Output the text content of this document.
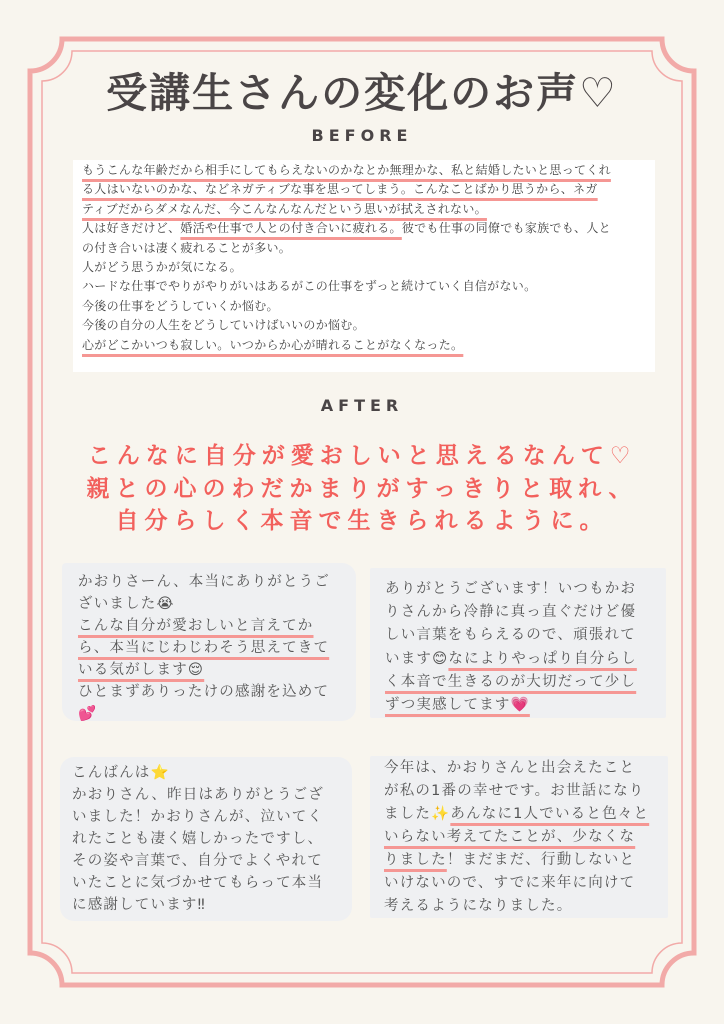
受講生さんの変化のお声♡
BEFORE
もうこんな年齢だから相手にしてもらえないのかなとか無理かな、私と結婚したいと思ってくれ
る人はいないのかな、などネガティブな事を思ってしまう。こんなことばかり思うから、ネガ
ティブだからダメなんだ、今こんなんなんだという思いが拭えされない。
人は好きだけど、婚活や仕事で人との付き合いに疲れる。彼でも仕事の同僚でも家族でも、人と
の付き合いは凄く疲れることが多い。
人がどう思うかが気になる。
ハードな仕事でやりがやりがいはあるがこの仕事をずっと続けていく自信がない。
今後の仕事をどうしていくか悩む。
今後の自分の人生をどうしていけばいいのか悩む。
心がどこかいつも寂しい。いつからか心が晴れることがなくなった。
AFTER
こんなに自分が愛おしいと思えるなんて♡
親との心のわだかまりがすっきりと取れ、
自分らしく本音で生きられるように。
かおりさーん、本当にありがとうご
ざいました😭
こんな自分が愛おしいと言えてか
ら、本当にじわじわそう思えてきて
いる気がします😌
ひとまずありったけの感謝を込めて
💕
ありがとうございます！いつもかお
りさんから冷静に真っ直ぐだけど優
しい言葉をもらえるので、頑張れて
います😊なによりやっぱり自分らし
く本音で生きるのが大切だって少し
ずつ実感してます💗
こんばんは⭐
かおりさん、昨日はありがとうござ
いました！かおりさんが、泣いてく
れたことも凄く嬉しかったですし、
その姿や言葉で、自分でよくやれて
いたことに気づかせてもらって本当
に感謝しています‼
今年は、かおりさんと出会えたこと
が私の1番の幸せです。お世話になり
ました✨あんなに1人でいると色々と
いらない考えてたことが、少なくな
りました！まだまだ、行動しないと
いけないので、すでに来年に向けて
考えるようになりました。
